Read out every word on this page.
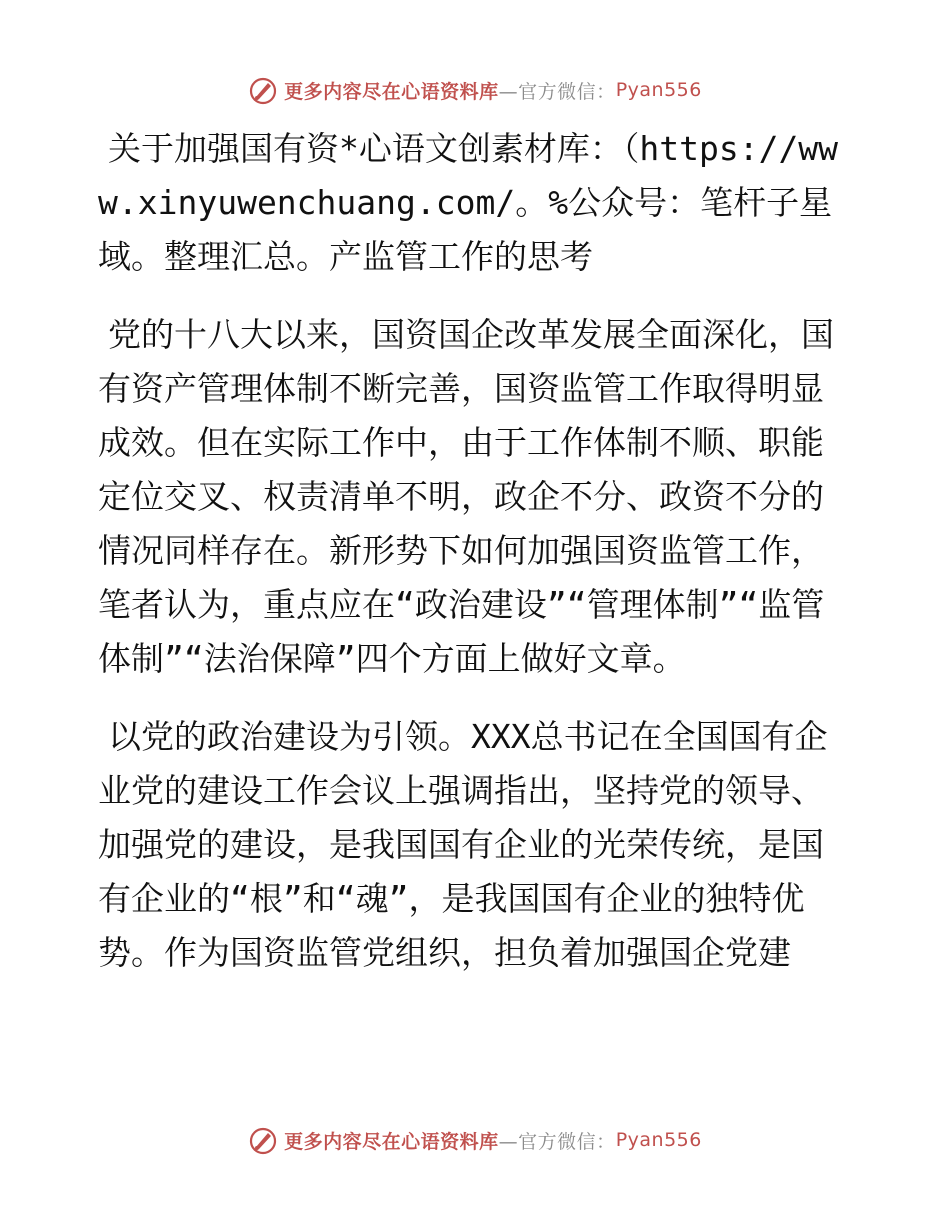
更多内容尽在心语资料库 —官方微信： Pyan556

关于加强国有资*心语文创素材库：（https://www.xinyuwenchuang.com/。%公众号：笔杆子星域。整理汇总。产监管工作的思考

党的十八大以来，国资国企改革发展全面深化，国有资产管理体制不断完善，国资监管工作取得明显成效。但在实际工作中，由于工作体制不顺、职能定位交叉、权责清单不明，政企不分、政资不分的情况同样存在。新形势下如何加强国资监管工作，笔者认为，重点应在“政治建设”“管理体制”“监管体制”“法治保障”四个方面上做好文章。

以党的政治建设为引领。XXX总书记在全国国有企业党的建设工作会议上强调指出，坚持党的领导、加强党的建设，是我国国有企业的光荣传统，是国有企业的“根”和“魂”，是我国国有企业的独特优势。作为国资监管党组织，担负着加强国企党建

更多内容尽在心语资料库 —官方微信： Pyan556
